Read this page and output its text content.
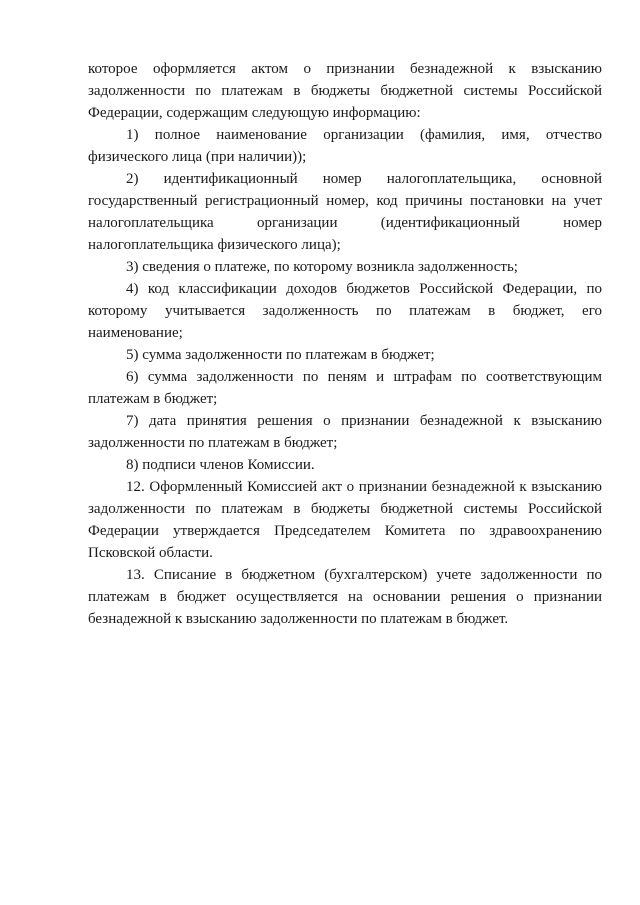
которое оформляется актом о признании безнадежной к взысканию задолженности по платежам в бюджеты бюджетной системы Российской Федерации, содержащим следующую информацию:

1) полное наименование организации (фамилия, имя, отчество физического лица (при наличии));

2) идентификационный номер налогоплательщика, основной государственный регистрационный номер, код причины постановки на учет налогоплательщика организации (идентификационный номер налогоплательщика физического лица);

3) сведения о платеже, по которому возникла задолженность;

4) код классификации доходов бюджетов Российской Федерации, по которому учитывается задолженность по платежам в бюджет, его наименование;

5) сумма задолженности по платежам в бюджет;

6) сумма задолженности по пеням и штрафам по соответствующим платежам в бюджет;

7) дата принятия решения о признании безнадежной к взысканию задолженности по платежам в бюджет;

8) подписи членов Комиссии.

12. Оформленный Комиссией акт о признании безнадежной к взысканию задолженности по платежам в бюджеты бюджетной системы Российской Федерации утверждается Председателем Комитета по здравоохранению Псковской области.

13. Списание в бюджетном (бухгалтерском) учете задолженности по платежам в бюджет осуществляется на основании решения о признании безнадежной к взысканию задолженности по платежам в бюджет.
